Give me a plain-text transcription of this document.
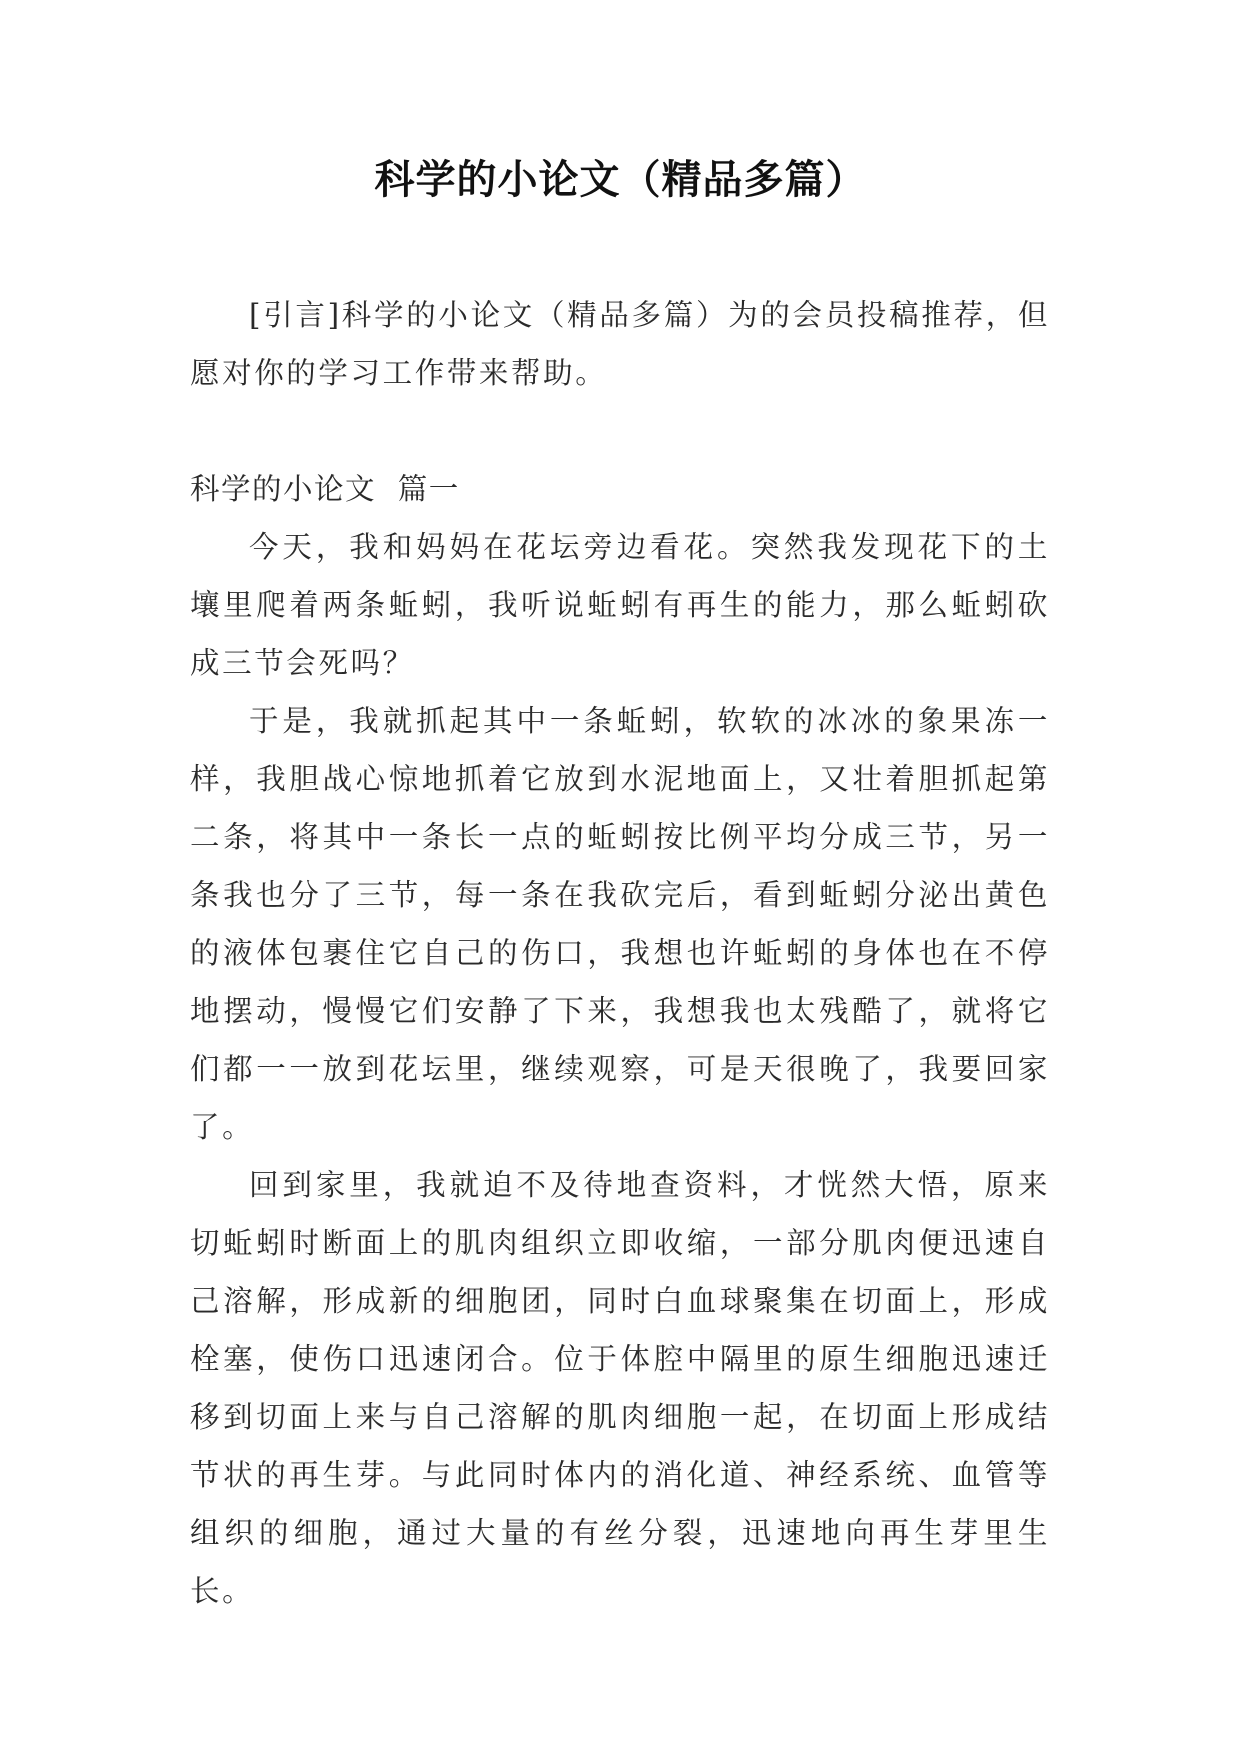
科学的小论文（精品多篇）

[引言]科学的小论文（精品多篇）为的会员投稿推荐，但愿对你的学习工作带来帮助。

科学的小论文  篇一

今天，我和妈妈在花坛旁边看花。突然我发现花下的土壤里爬着两条蚯蚓，我听说蚯蚓有再生的能力，那么蚯蚓砍成三节会死吗？

于是，我就抓起其中一条蚯蚓，软软的冰冰的象果冻一样，我胆战心惊地抓着它放到水泥地面上，又壮着胆抓起第二条，将其中一条长一点的蚯蚓按比例平均分成三节，另一条我也分了三节，每一条在我砍完后，看到蚯蚓分泌出黄色的液体包裹住它自己的伤口，我想也许蚯蚓的身体也在不停地摆动，慢慢它们安静了下来，我想我也太残酷了，就将它们都一一放到花坛里，继续观察，可是天很晚了，我要回家了。

回到家里，我就迫不及待地查资料，才恍然大悟，原来切蚯蚓时断面上的肌肉组织立即收缩，一部分肌肉便迅速自己溶解，形成新的细胞团，同时白血球聚集在切面上，形成栓塞，使伤口迅速闭合。位于体腔中隔里的原生细胞迅速迁移到切面上来与自己溶解的肌肉细胞一起，在切面上形成结节状的再生芽。与此同时体内的消化道、神经系统、血管等组织的细胞，通过大量的有丝分裂，迅速地向再生芽里生长。
